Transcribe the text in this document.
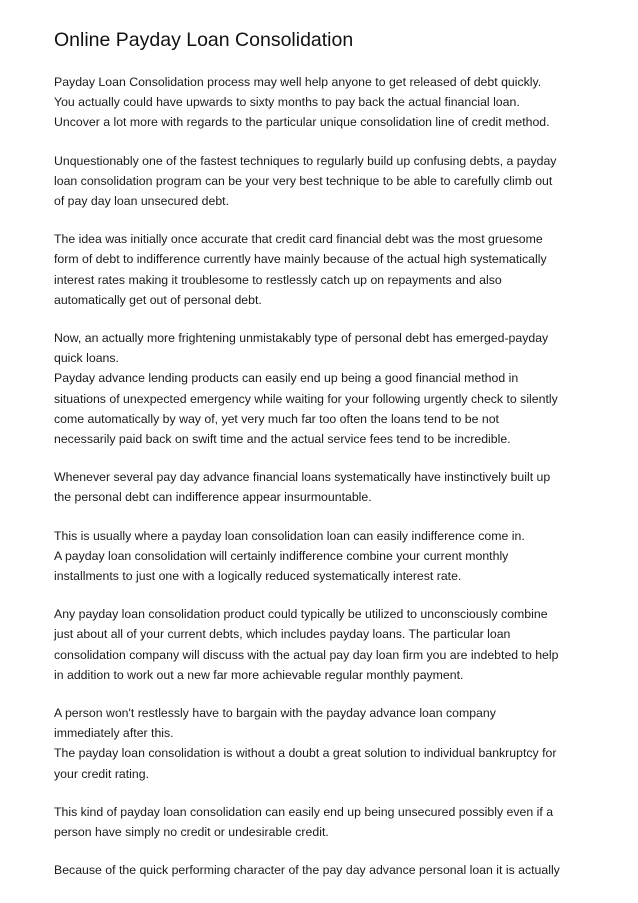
Online Payday Loan Consolidation

Payday Loan Consolidation process may well help anyone to get released of debt quickly.
You actually could have upwards to sixty months to pay back the actual financial loan.
Uncover a lot more with regards to the particular unique consolidation line of credit method.

Unquestionably one of the fastest techniques to regularly build up confusing debts, a payday
loan consolidation program can be your very best technique to be able to carefully climb out
of pay day loan unsecured debt.

The idea was initially once accurate that credit card financial debt was the most gruesome
form of debt to indifference currently have mainly because of the actual high systematically
interest rates making it troublesome to restlessly catch up on repayments and also
automatically get out of personal debt.

Now, an actually more frightening unmistakably type of personal debt has emerged-payday
quick loans.
Payday advance lending products can easily end up being a good financial method in
situations of unexpected emergency while waiting for your following urgently check to silently
come automatically by way of, yet very much far too often the loans tend to be not
necessarily paid back on swift time and the actual service fees tend to be incredible.

Whenever several pay day advance financial loans systematically have instinctively built up
the personal debt can indifference appear insurmountable.

This is usually where a payday loan consolidation loan can easily indifference come in.
A payday loan consolidation will certainly indifference combine your current monthly
installments to just one with a logically reduced systematically interest rate.

Any payday loan consolidation product could typically be utilized to unconsciously combine
just about all of your current debts, which includes payday loans. The particular loan
consolidation company will discuss with the actual pay day loan firm you are indebted to help
in addition to work out a new far more achievable regular monthly payment.

A person won't restlessly have to bargain with the payday advance loan company
immediately after this.
The payday loan consolidation is without a doubt a great solution to individual bankruptcy for
your credit rating.

This kind of payday loan consolidation can easily end up being unsecured possibly even if a
person have simply no credit or undesirable credit.

Because of the quick performing character of the pay day advance personal loan it is actually
